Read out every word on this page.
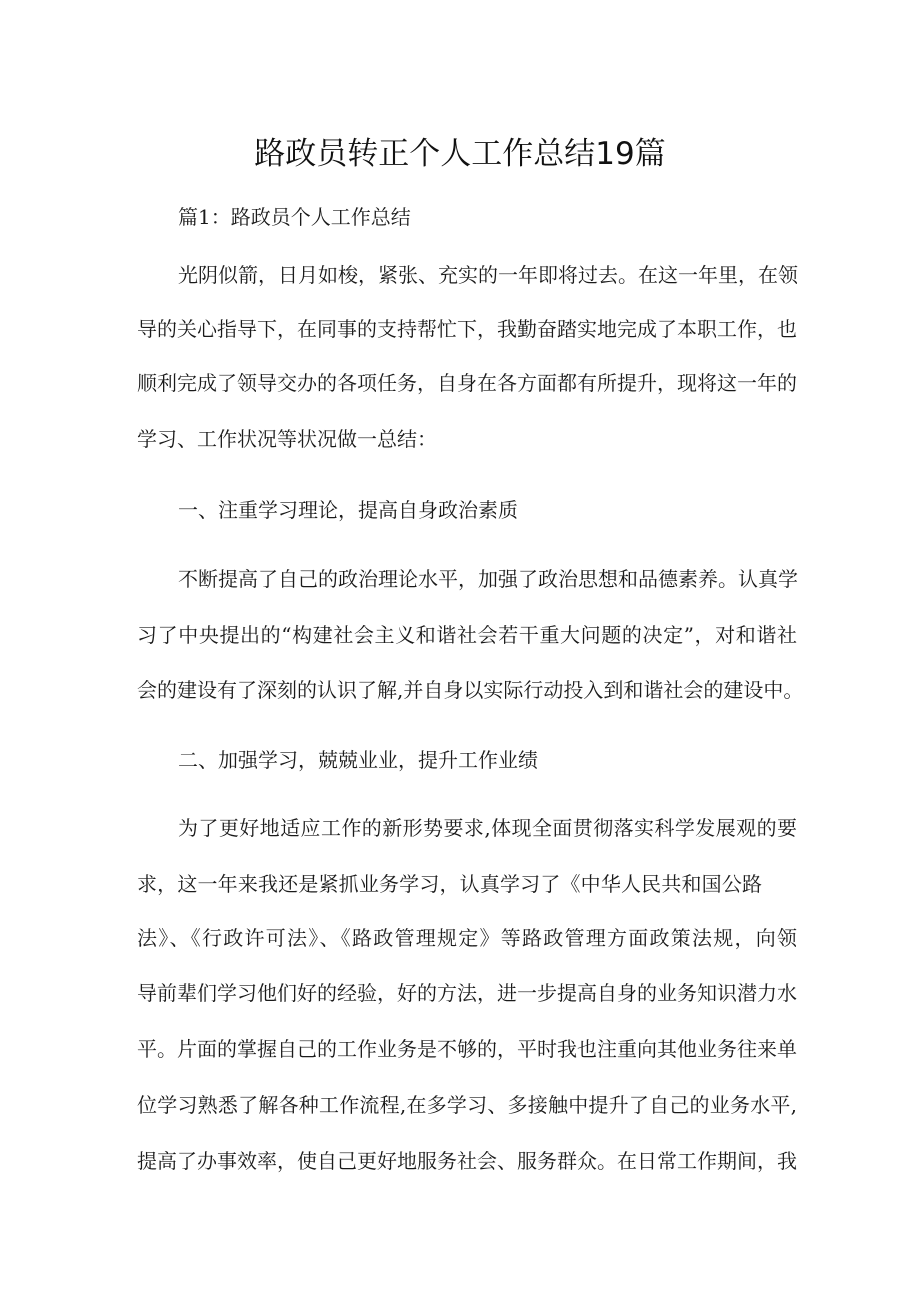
路政员转正个人工作总结19篇
篇1：路政员个人工作总结
光阴似箭，日月如梭，紧张、充实的一年即将过去。在这一年里，在领
导的关心指导下，在同事的支持帮忙下，我勤奋踏实地完成了本职工作，也
顺利完成了领导交办的各项任务，自身在各方面都有所提升，现将这一年的
学习、工作状况等状况做一总结：
一、注重学习理论，提高自身政治素质
不断提高了自己的政治理论水平，加强了政治思想和品德素养。认真学
习了中央提出的“构建社会主义和谐社会若干重大问题的决定”，对和谐社
会的建设有了深刻的认识了解,并自身以实际行动投入到和谐社会的建设中。
二、加强学习，兢兢业业，提升工作业绩
为了更好地适应工作的新形势要求,体现全面贯彻落实科学发展观的要
求，这一年来我还是紧抓业务学习，认真学习了《中华人民共和国公路
法》、《行政许可法》、《路政管理规定》等路政管理方面政策法规，向领
导前辈们学习他们好的经验，好的方法，进一步提高自身的业务知识潜力水
平。片面的掌握自己的工作业务是不够的，平时我也注重向其他业务往来单
位学习熟悉了解各种工作流程,在多学习、多接触中提升了自己的业务水平,
提高了办事效率，使自己更好地服务社会、服务群众。在日常工作期间，我
